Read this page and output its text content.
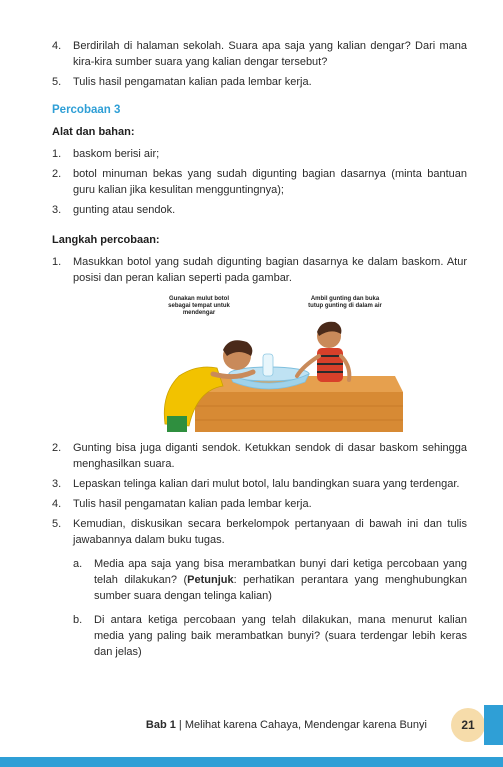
4.	Berdirilah di halaman sekolah. Suara apa saja yang kalian dengar? Dari mana kira-kira sumber suara yang kalian dengar tersebut?
5.	Tulis hasil pengamatan kalian pada lembar kerja.
Percobaan 3
Alat dan bahan:
1.	baskom berisi air;
2.	botol minuman bekas yang sudah digunting bagian dasarnya (minta bantuan guru kalian jika kesulitan mengguntingnya);
3.	gunting atau sendok.
Langkah percobaan:
1.	Masukkan botol yang sudah digunting bagian dasarnya ke dalam baskom. Atur posisi dan peran kalian seperti pada gambar.
Gunakan mulut botol sebagai tempat untuk mendengar
Ambil gunting dan buka tutup gunting di dalam air
2.	Gunting bisa juga diganti sendok. Ketukkan sendok di dasar baskom sehingga menghasilkan suara.
3.	Lepaskan telinga kalian dari mulut botol, lalu bandingkan suara yang terdengar.
4.	Tulis hasil pengamatan kalian pada lembar kerja.
5.	Kemudian, diskusikan secara berkelompok pertanyaan di bawah ini dan tulis jawabannya dalam buku tugas.
a.	Media apa saja yang bisa merambatkan bunyi dari ketiga percobaan yang telah dilakukan? (Petunjuk: perhatikan perantara yang menghubungkan sumber suara dengan telinga kalian)
b.	Di antara ketiga percobaan yang telah dilakukan, mana menurut kalian media yang paling baik merambatkan bunyi? (suara terdengar lebih keras dan jelas)
Bab 1 | Melihat karena Cahaya, Mendengar karena Bunyi	21
